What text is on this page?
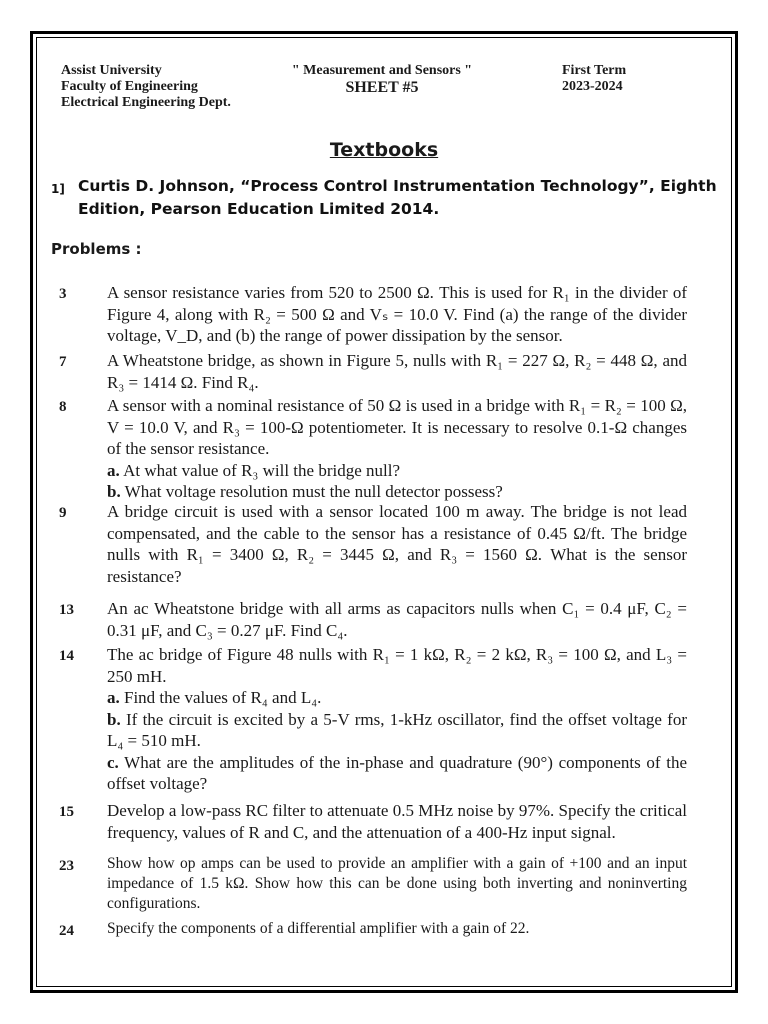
Assist University
Faculty of Engineering
Electrical Engineering Dept.
" Measurement and Sensors "
SHEET #5
First Term
2023-2024
Textbooks
1] Curtis D. Johnson, “Process Control Instrumentation Technology”, Eighth Edition, Pearson Education Limited 2014.
Problems :
3 A sensor resistance varies from 520 to 2500 Ω. This is used for R₁ in the divider of Figure 4, along with R₂ = 500 Ω and Vₛ = 10.0 V. Find (a) the range of the divider voltage, V_D, and (b) the range of power dissipation by the sensor.
7 A Wheatstone bridge, as shown in Figure 5, nulls with R₁ = 227 Ω, R₂ = 448 Ω, and R₃ = 1414 Ω. Find R₄.
8 A sensor with a nominal resistance of 50 Ω is used in a bridge with R₁ = R₂ = 100 Ω, V = 10.0 V, and R₃ = 100-Ω potentiometer. It is necessary to resolve 0.1-Ω changes of the sensor resistance.
a. At what value of R₃ will the bridge null?
b. What voltage resolution must the null detector possess?
9 A bridge circuit is used with a sensor located 100 m away. The bridge is not lead compensated, and the cable to the sensor has a resistance of 0.45 Ω/ft. The bridge nulls with R₁ = 3400 Ω, R₂ = 3445 Ω, and R₃ = 1560 Ω. What is the sensor resistance?
13 An ac Wheatstone bridge with all arms as capacitors nulls when C₁ = 0.4 μF, C₂ = 0.31 μF, and C₃ = 0.27 μF. Find C₄.
14 The ac bridge of Figure 48 nulls with R₁ = 1 kΩ, R₂ = 2 kΩ, R₃ = 100 Ω, and L₃ = 250 mH.
a. Find the values of R₄ and L₄.
b. If the circuit is excited by a 5-V rms, 1-kHz oscillator, find the offset voltage for L₄ = 510 mH.
c. What are the amplitudes of the in-phase and quadrature (90°) components of the offset voltage?
15 Develop a low-pass RC filter to attenuate 0.5 MHz noise by 97%. Specify the critical frequency, values of R and C, and the attenuation of a 400-Hz input signal.
23 Show how op amps can be used to provide an amplifier with a gain of +100 and an input impedance of 1.5 kΩ. Show how this can be done using both inverting and noninverting configurations.
24 Specify the components of a differential amplifier with a gain of 22.
